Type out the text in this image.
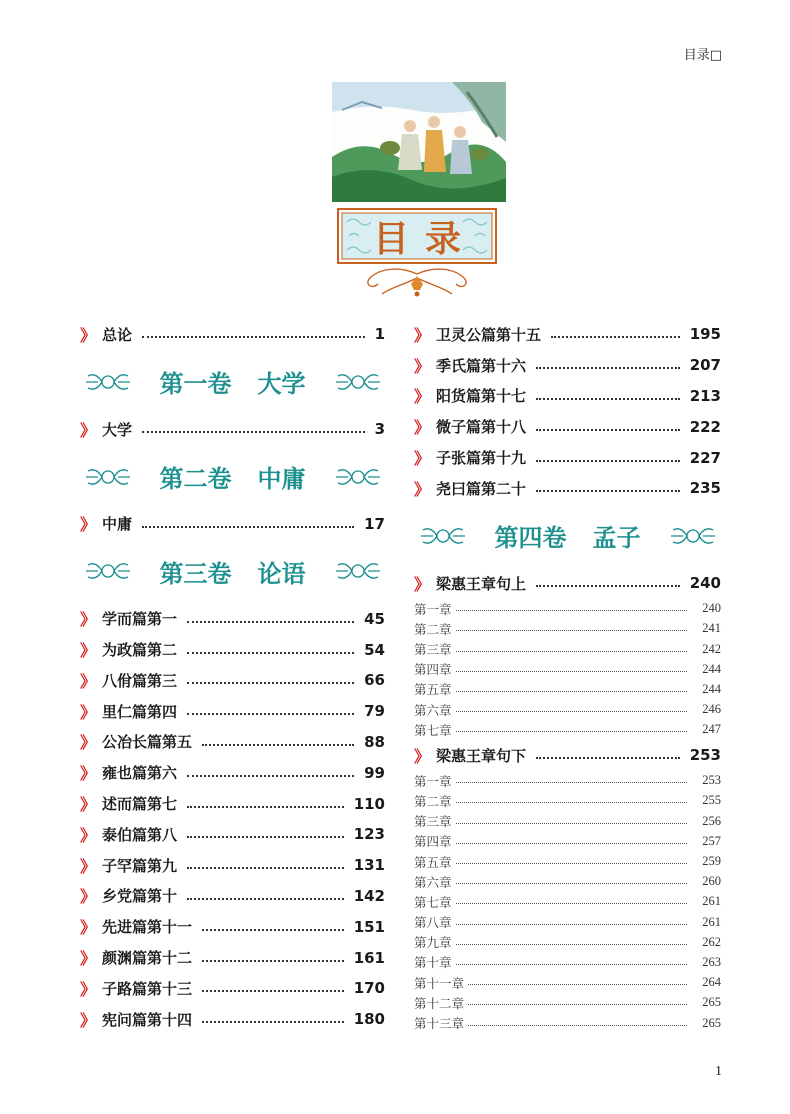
目录□
目录
》 总论	1
第一卷 大学
》 大学	3
第二卷 中庸
》 中庸	17
第三卷 论语
》 学而篇第一	45
》 为政篇第二	54
》 八佾篇第三	66
》 里仁篇第四	79
》 公冶长篇第五	88
》 雍也篇第六	99
》 述而篇第七	110
》 泰伯篇第八	123
》 子罕篇第九	131
》 乡党篇第十	142
》 先进篇第十一	151
》 颜渊篇第十二	161
》 子路篇第十三	170
》 宪问篇第十四	180
》 卫灵公篇第十五	195
》 季氏篇第十六	207
》 阳货篇第十七	213
》 微子篇第十八	222
》 子张篇第十九	227
》 尧曰篇第二十	235
第四卷 孟子
》 梁惠王章句上	240
第一章	240
第二章	241
第三章	242
第四章	244
第五章	244
第六章	246
第七章	247
》 梁惠王章句下	253
第一章	253
第二章	255
第三章	256
第四章	257
第五章	259
第六章	260
第七章	261
第八章	261
第九章	262
第十章	263
第十一章	264
第十二章	265
第十三章	265
1
